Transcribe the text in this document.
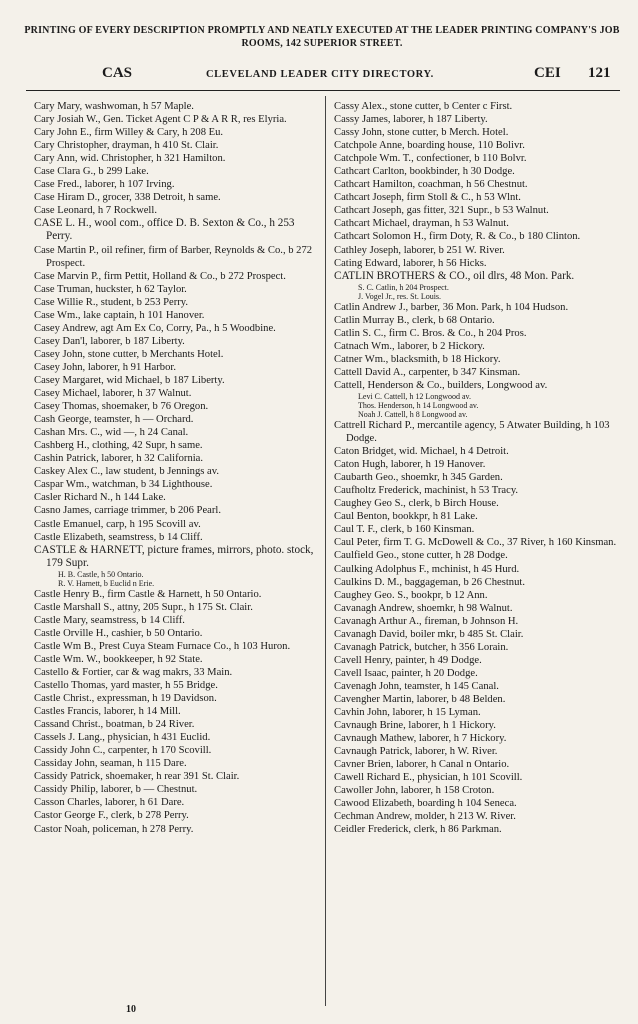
PRINTING OF EVERY DESCRIPTION PROMPTLY AND NEATLY EXECUTED AT THE LEADER PRINTING COMPANY'S JOB ROOMS, 142 SUPERIOR STREET.
CAS	CLEVELAND LEADER CITY DIRECTORY.	CEI 121

Cary Mary, washwoman, h 57 Maple.

Cary Josiah W., Gen. Ticket Agent C P & A R R, res Elyria.

Cary John E., firm Willey & Cary, h 208 Eu.

Cary Christopher, drayman, h 410 St. Clair.

Cary Ann, wid. Christopher, h 321 Hamilton.

Case Clara G., b 299 Lake.

Case Fred., laborer, h 107 Irving.

Case Hiram D., grocer, 338 Detroit, h same.

Case Leonard, h 7 Rockwell.

CASE L. H., wool com., office D. B. Sexton & Co., h 253 Perry.

Case Martin P., oil refiner, firm of Barber, Reynolds & Co., b 272 Prospect.

Case Marvin P., firm Pettit, Holland & Co., b 272 Prospect.

Case Truman, huckster, h 62 Taylor.

Case Willie R., student, b 253 Perry.

Case Wm., lake captain, h 101 Hanover.

Casey Andrew, agt Am Ex Co, Corry, Pa., h 5 Woodbine.

Casey Dan'l, laborer, b 187 Liberty.

Casey John, stone cutter, b Merchants Hotel.

Casey John, laborer, h 91 Harbor.

Casey Margaret, wid Michael, b 187 Liberty.

Casey Michael, laborer, h 37 Walnut.

Casey Thomas, shoemaker, b 76 Oregon.

Cash George, teamster, h — Orchard.

Cashan Mrs. C., wid —, h 24 Canal.

Cashberg H., clothing, 42 Supr, h same.

Cashin Patrick, laborer, h 32 California.

Caskey Alex C., law student, b Jennings av.

Caspar Wm., watchman, b 34 Lighthouse.

Casler Richard N., h 144 Lake.

Casno James, carriage trimmer, b 206 Pearl.

Castle Emanuel, carp, h 195 Scovill av.

Castle Elizabeth, seamstress, b 14 Cliff.

CASTLE & HARNETT, picture frames, mirrors, photo. stock, 179 Supr.

H. B. Castle, h 50 Ontario.

R. V. Harnett, b Euclid n Erie.

Castle Henry B., firm Castle & Harnett, h 50 Ontario.

Castle Marshall S., attny, 205 Supr., h 175 St. Clair.

Castle Mary, seamstress, b 14 Cliff.

Castle Orville H., cashier, b 50 Ontario.

Castle Wm B., Prest Cuya Steam Furnace Co., h 103 Huron.

Castle Wm. W., bookkeeper, h 92 State.

Castello & Fortier, car & wag makrs, 33 Main.

Castello Thomas, yard master, h 55 Bridge.

Castle Christ., expressman, h 19 Davidson.

Castles Francis, laborer, h 14 Mill.

Cassand Christ., boatman, b 24 River.

Cassels J. Lang., physician, h 431 Euclid.

Cassidy John C., carpenter, h 170 Scovill.

Cassiday John, seaman, h 115 Dare.

Cassidy Patrick, shoemaker, h rear 391 St. Clair.

Cassidy Philip, laborer, b — Chestnut.

Casson Charles, laborer, h 61 Dare.

Castor George F., clerk, b 278 Perry.

Castor Noah, policeman, h 278 Perry.

Cassy Alex., stone cutter, b Center c First.

Cassy James, laborer, h 187 Liberty.

Cassy John, stone cutter, b Merch. Hotel.

Catchpole Anne, boarding house, 110 Bolivr.

Catchpole Wm. T., confectioner, b 110 Bolvr.

Cathcart Carlton, bookbinder, h 30 Dodge.

Cathcart Hamilton, coachman, h 56 Chestnut.

Cathcart Joseph, firm Stoll & C., h 53 Wlnt.

Cathcart Joseph, gas fitter, 321 Supr., b 53 Walnut.

Cathcart Michael, drayman, h 53 Walnut.

Cathcart Solomon H., firm Doty, R. & Co., b 180 Clinton.

Cathley Joseph, laborer, b 251 W. River.

Cating Edward, laborer, h 56 Hicks.

CATLIN BROTHERS & CO., oil dlrs, 48 Mon. Park.

S. C. Catlin, h 204 Prospect.

J. Vogel Jr., res. St. Louis.

Catlin Andrew J., barber, 36 Mon. Park, h 104 Hudson.

Catlin Murray B., clerk, b 68 Ontario.

Catlin S. C., firm C. Bros. & Co., h 204 Pros.

Catnach Wm., laborer, b 2 Hickory.

Catner Wm., blacksmith, b 18 Hickory.

Cattell David A., carpenter, b 347 Kinsman.

Cattell, Henderson & Co., builders, Longwood av.

Levi C. Cattell, h 12 Longwood av.

Thos. Henderson, h 14 Longwood av.

Noah J. Cattell, h 8 Longwood av.

Cattrell Richard P., mercantile agency, 5 Atwater Building, h 103 Dodge.

Caton Bridget, wid. Michael, h 4 Detroit.

Caton Hugh, laborer, h 19 Hanover.

Caubarth Geo., shoemkr, h 345 Garden.

Caufholtz Frederick, machinist, h 53 Tracy.

Caughey Geo S., clerk, b Birch House.

Caul Benton, bookkpr, h 81 Lake.

Caul T. F., clerk, b 160 Kinsman.

Caul Peter, firm T. G. McDowell & Co., 37 River, h 160 Kinsman.

Caulfield Geo., stone cutter, h 28 Dodge.

Caulking Adolphus F., mchinist, h 45 Hurd.

Caulkins D. M., baggageman, b 26 Chestnut.

Caughey Geo. S., bookpr, b 12 Ann.

Cavanagh Andrew, shoemkr, h 98 Walnut.

Cavanagh Arthur A., fireman, b Johnson H.

Cavanagh David, boiler mkr, b 485 St. Clair.

Cavanagh Patrick, butcher, h 356 Lorain.

Cavell Henry, painter, h 49 Dodge.

Cavell Isaac, painter, h 20 Dodge.

Cavenagh John, teamster, h 145 Canal.

Cavengher Martin, laborer, b 48 Belden.

Cavhin John, laborer, h 15 Lyman.

Cavnaugh Brine, laborer, h 1 Hickory.

Cavnaugh Mathew, laborer, h 7 Hickory.

Cavnaugh Patrick, laborer, h W. River.

Cavner Brien, laborer, h Canal n Ontario.

Cawell Richard E., physician, h 101 Scovill.

Cawoller John, laborer, h 158 Croton.

Cawood Elizabeth, boarding h 104 Seneca.

Cechman Andrew, molder, h 213 W. River.

Ceidler Frederick, clerk, h 86 Parkman.

10
